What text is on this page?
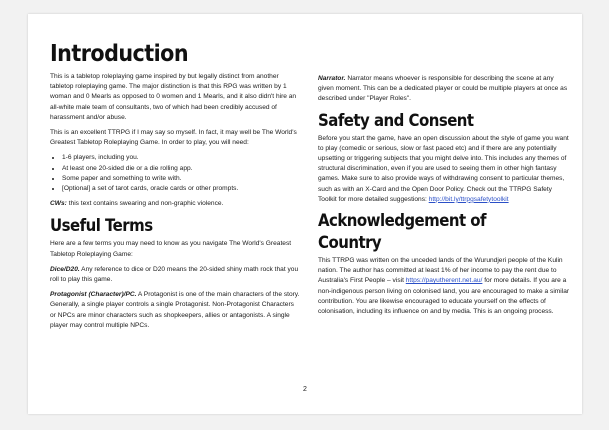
Introduction

This is a tabletop roleplaying game inspired by but legally distinct from another tabletop roleplaying game. The major distinction is that this RPG was written by 1 woman and 0 Mearls as opposed to 0 women and 1 Mearls, and it also didn't hire an all-white male team of consultants, two of which had been credibly accused of harassment and/or abuse.

This is an excellent TTRPG if I may say so myself. In fact, it may well be The World's Greatest Tabletop Roleplaying Game. In order to play, you will need:

• 1-6 players, including you.
• At least one 20-sided die or a die rolling app.
• Some paper and something to write with.
• [Optional] a set of tarot cards, oracle cards or other prompts.

CWs: this text contains swearing and non-graphic violence.

Useful Terms

Here are a few terms you may need to know as you navigate The World's Greatest Tabletop Roleplaying Game:

Dice/D20. Any reference to dice or D20 means the 20-sided shiny math rock that you roll to play this game.

Protagonist (Character)/PC. A Protagonist is one of the main characters of the story. Generally, a single player controls a single Protagonist. Non-Protagonist Characters or NPCs are minor characters such as shopkeepers, allies or antagonists. A single player may control multiple NPCs.

Narrator. Narrator means whoever is responsible for describing the scene at any given moment. This can be a dedicated player or could be multiple players at once as described under "Player Roles".

Safety and Consent

Before you start the game, have an open discussion about the style of game you want to play (comedic or serious, slow or fast paced etc) and if there are any potentially upsetting or triggering subjects that you might delve into. This includes any themes of structural discrimination, even if you are used to seeing them in other high fantasy games. Make sure to also provide ways of withdrawing consent to particular themes, such as with an X-Card and the Open Door Policy. Check out the TTRPG Safety Toolkit for more detailed suggestions: http://bit.ly/ttrpgsafetytoolkit

Acknowledgement of Country

This TTRPG was written on the unceded lands of the Wurundjeri people of the Kulin nation. The author has committed at least 1% of her income to pay the rent due to Australia's First People – visit https://payutherent.net.au/ for more details. If you are a non-indigenous person living on colonised land, you are encouraged to make a similar contribution. You are likewise encouraged to educate yourself on the effects of colonisation, including its influence on and by media. This is an ongoing process.

2
